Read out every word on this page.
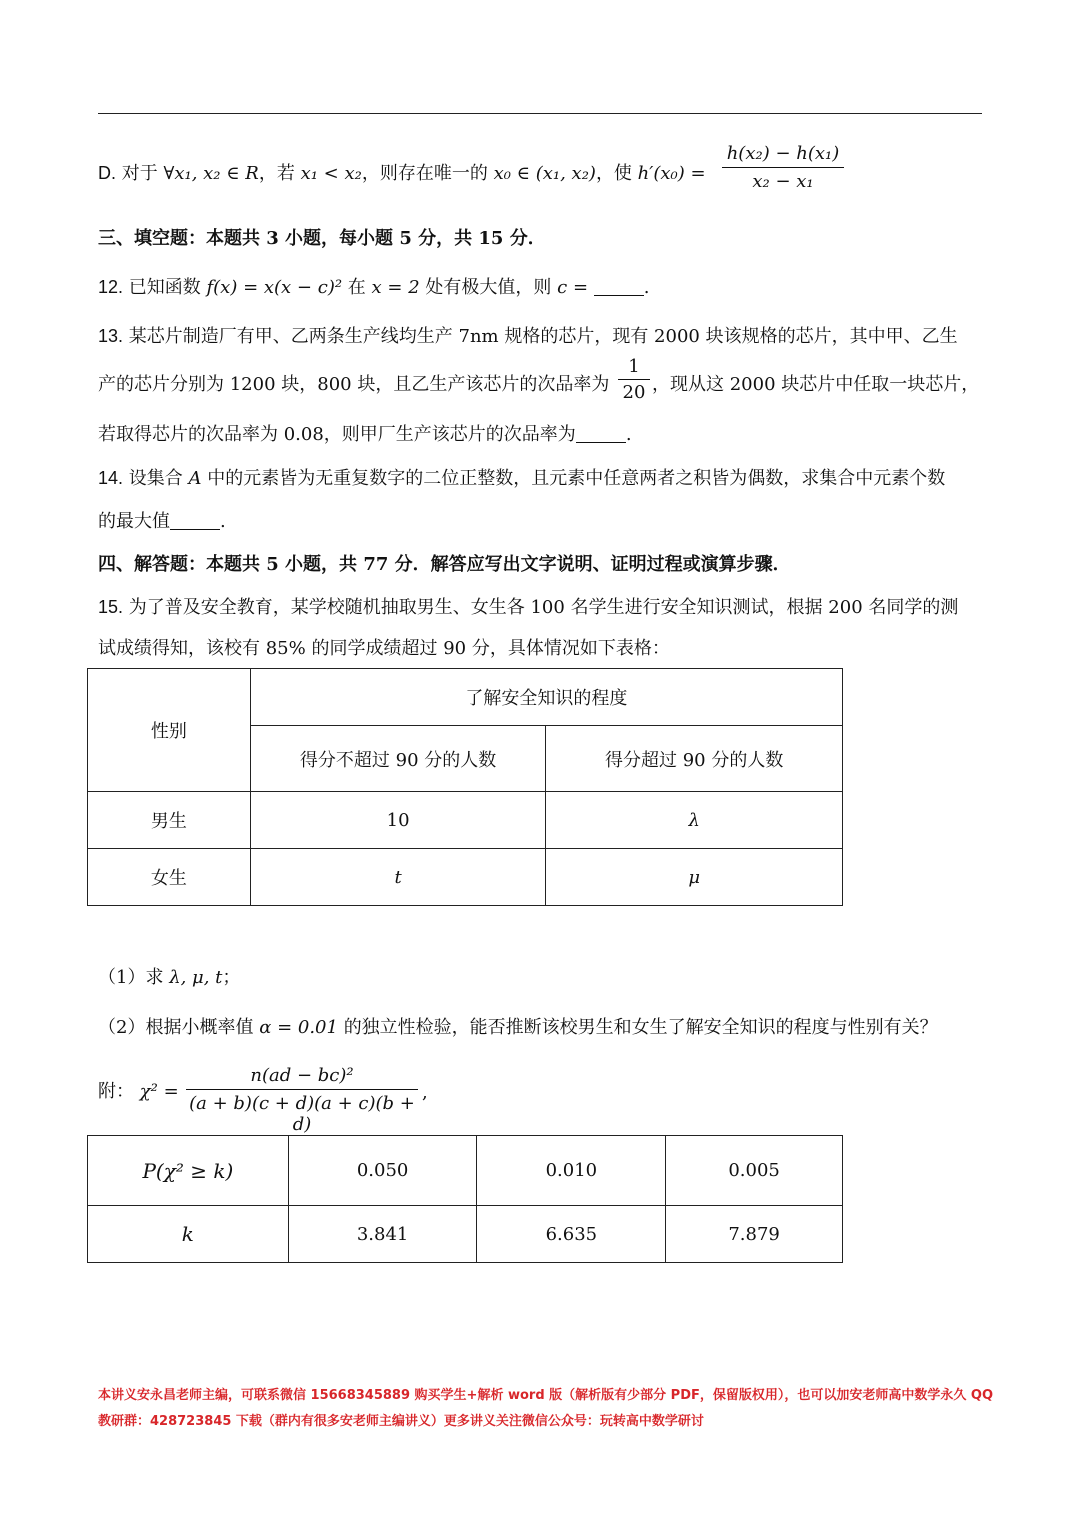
D. 对于 ∀x₁, x₂ ∈ R，若 x₁ < x₂，则存在唯一的 x₀ ∈ (x₁, x₂)，使 $h'(x_0) = \frac{\text{h(x₂) − h(x₁)}}{\text{x₂ − x₁}}$
三、填空题：本题共 3 小题，每小题 5 分，共 15 分．
12. 已知函数 f(x) = x(x − c)² 在 x = 2 处有极大值，则 c =	.
13. 某芯片制造厂有甲、乙两条生产线均生产 7nm 规格的芯片，现有 2000 块该规格的芯片，其中甲、乙生
产的芯片分别为 1200 块，800 块，且乙生产该芯片的次品率为 $\frac{1}{20}$ ，现从这 2000 块芯片中任取一块芯片，
若取得芯片的次品率为 0.08，则甲厂生产该芯片的次品率为	.
14. 设集合 A 中的元素皆为无重复数字的二位正整数，且元素中任意两者之积皆为偶数，求集合中元素个数
的最大值	.
四、解答题：本题共 5 小题，共 77 分．解答应写出文字说明、证明过程或演算步骤．
15. 为了普及安全教育，某学校随机抽取男生、女生各 100 名学生进行安全知识测试，根据 200 名同学的测
试成绩得知，该校有 85% 的同学成绩超过 90 分，具体情况如下表格：
性别	了解安全知识的程度	
	得分不超过 90 分的人数	得分超过 90 分的人数
男生	10	λ
女生	t	μ
（1）求 λ, μ, t；
（2）根据小概率值 α = 0.01 的独立性检验，能否推断该校男生和女生了解安全知识的程度与性别有关？
附： $\chi^2 = \frac{\text{n(ad − bc)²}}{(a + b)(c + d)(a + c)(b + d)}$ ,
P(χ² ≥ k)	0.050	0.010	0.005
k	3.841	6.635	7.879
本讲义安永昌老师主编，可联系微信 15668345889 购买学生+解析 word 版（解析版有少部分 PDF，保留版权用），也可以加安老师高中数学永久 QQ
教研群：428723845 下载（群内有很多安老师主编讲义）更多讲义关注微信公众号：玩转高中数学研讨
